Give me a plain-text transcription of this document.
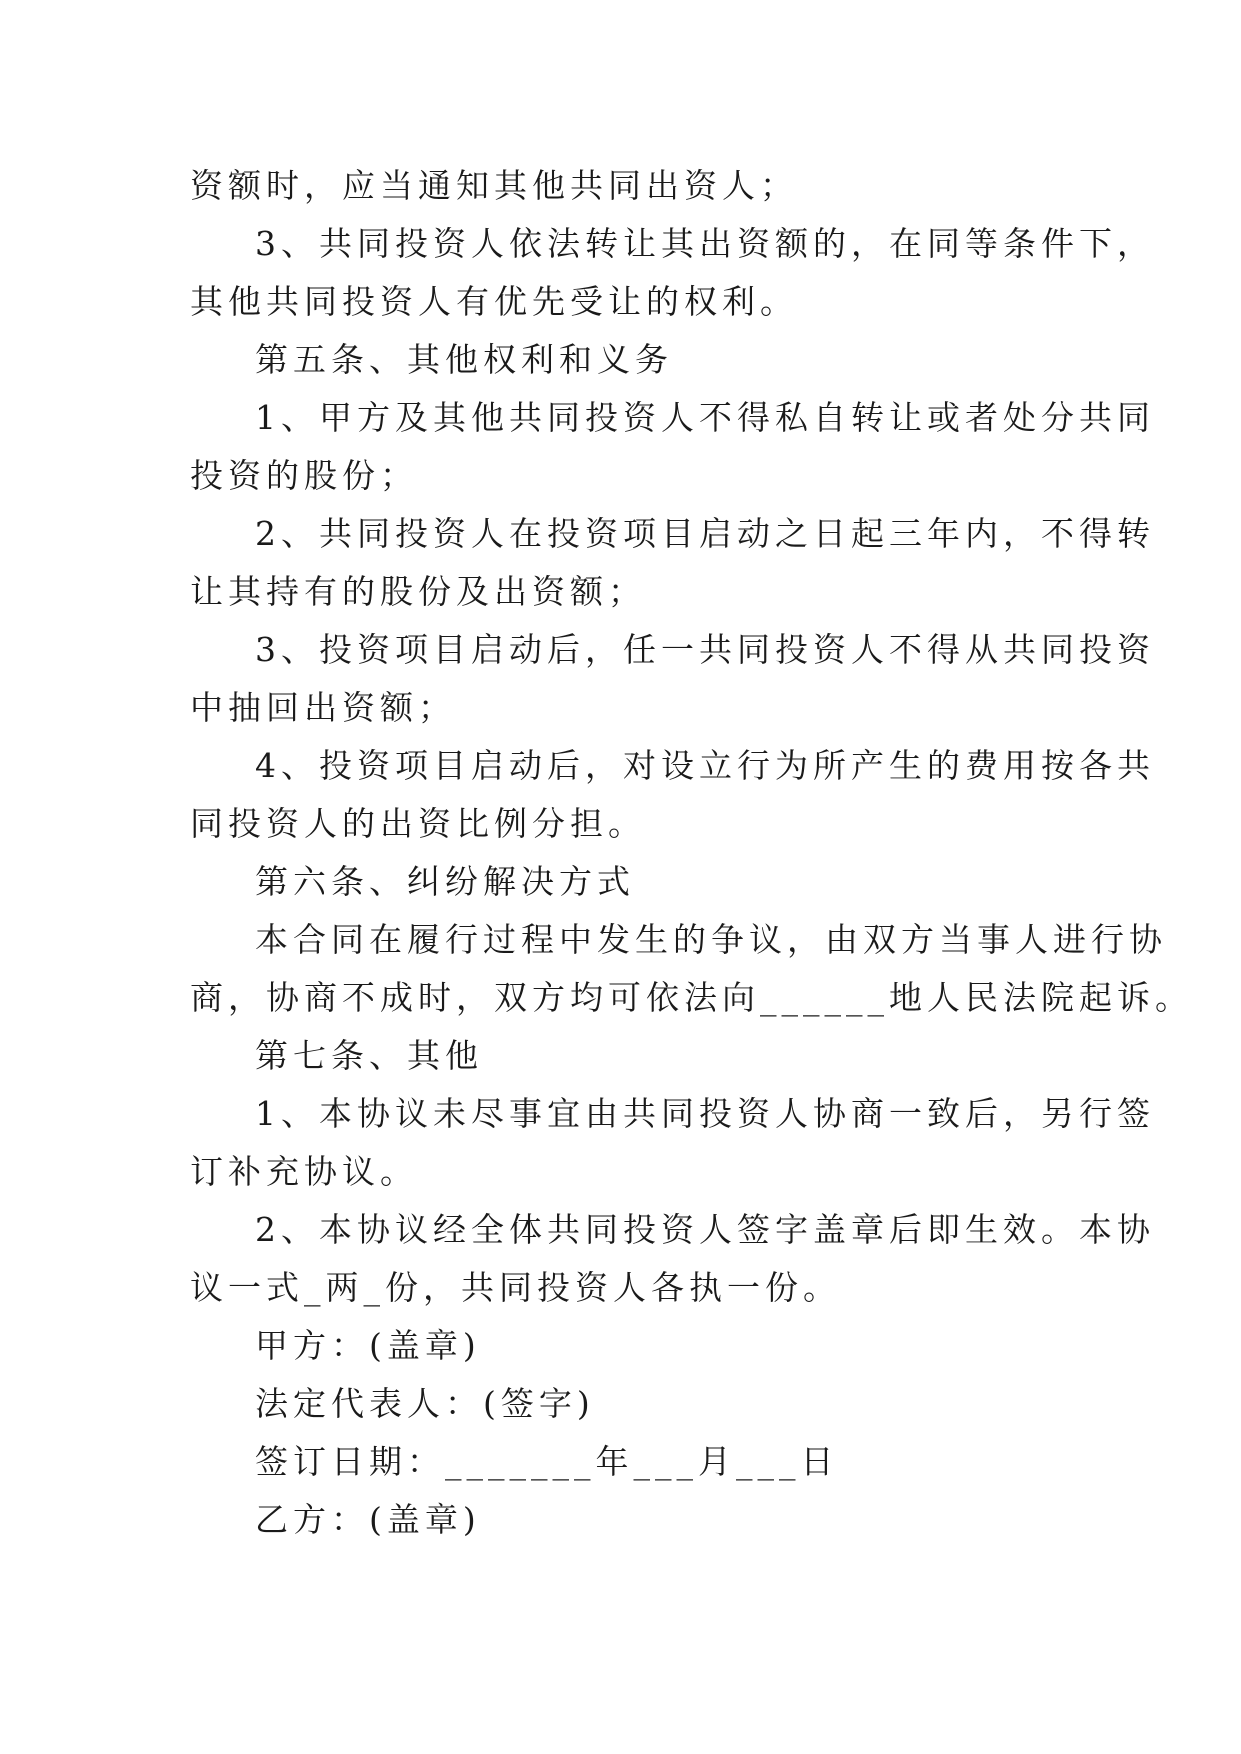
资额时，应当通知其他共同出资人；
3、共同投资人依法转让其出资额的，在同等条件下，
其他共同投资人有优先受让的权利。
第五条、其他权利和义务
1、甲方及其他共同投资人不得私自转让或者处分共同
投资的股份；
2、共同投资人在投资项目启动之日起三年内，不得转
让其持有的股份及出资额；
3、投资项目启动后，任一共同投资人不得从共同投资
中抽回出资额；
4、投资项目启动后，对设立行为所产生的费用按各共
同投资人的出资比例分担。
第六条、纠纷解决方式
本合同在履行过程中发生的争议，由双方当事人进行协
商，协商不成时，双方均可依法向______地人民法院起诉。
第七条、其他
1、本协议未尽事宜由共同投资人协商一致后，另行签
订补充协议。
2、本协议经全体共同投资人签字盖章后即生效。本协
议一式_两_份，共同投资人各执一份。
甲方：(盖章)
法定代表人：(签字)
签订日期：_______年___月___日
乙方：(盖章)
